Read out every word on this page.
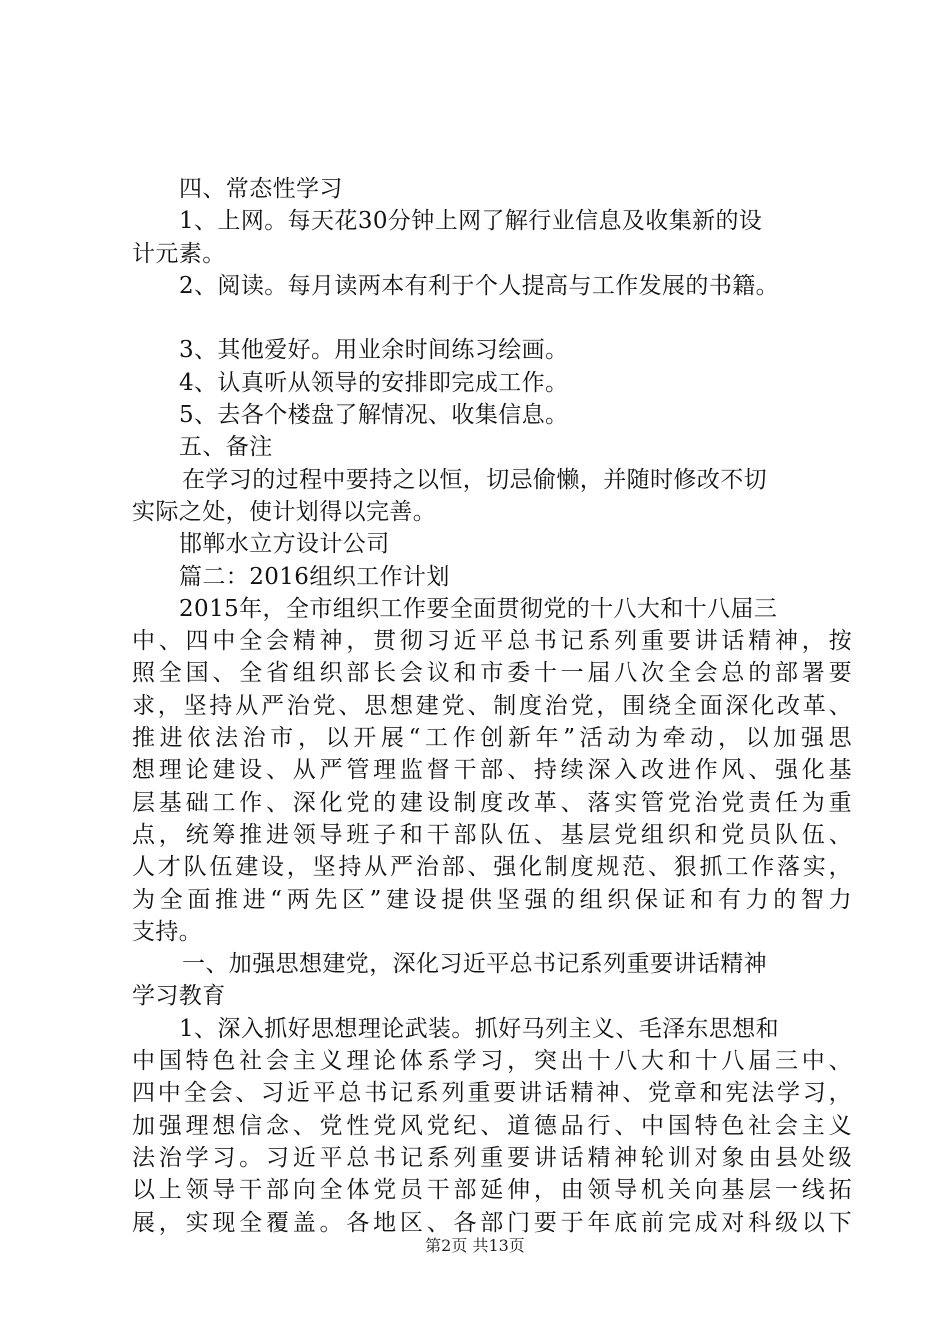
四、常态性学习
1、上网。每天花30分钟上网了解行业信息及收集新的设
计元素。
2、阅读。每月读两本有利于个人提高与工作发展的书籍。
3、其他爱好。用业余时间练习绘画。
4、认真听从领导的安排即完成工作。
5、去各个楼盘了解情况、收集信息。
五、备注
在学习的过程中要持之以恒，切忌偷懒，并随时修改不切
实际之处，使计划得以完善。
邯郸水立方设计公司
篇二：2016组织工作计划
2015年，全市组织工作要全面贯彻党的十八大和十八届三
中、四中全会精神，贯彻习近平总书记系列重要讲话精神，按
照全国、全省组织部长会议和市委十一届八次全会总的部署要
求，坚持从严治党、思想建党、制度治党，围绕全面深化改革、
推进依法治市，以开展“工作创新年”活动为牵动，以加强思
想理论建设、从严管理监督干部、持续深入改进作风、强化基
层基础工作、深化党的建设制度改革、落实管党治党责任为重
点，统筹推进领导班子和干部队伍、基层党组织和党员队伍、
人才队伍建设，坚持从严治部、强化制度规范、狠抓工作落实，
为全面推进“两先区”建设提供坚强的组织保证和有力的智力
支持。
一、加强思想建党，深化习近平总书记系列重要讲话精神
学习教育
1、深入抓好思想理论武装。抓好马列主义、毛泽东思想和
中国特色社会主义理论体系学习，突出十八大和十八届三中、
四中全会、习近平总书记系列重要讲话精神、党章和宪法学习，
加强理想信念、党性党风党纪、道德品行、中国特色社会主义
法治学习。习近平总书记系列重要讲话精神轮训对象由县处级
以上领导干部向全体党员干部延伸，由领导机关向基层一线拓
展，实现全覆盖。各地区、各部门要于年底前完成对科级以下
第2页 共13页
